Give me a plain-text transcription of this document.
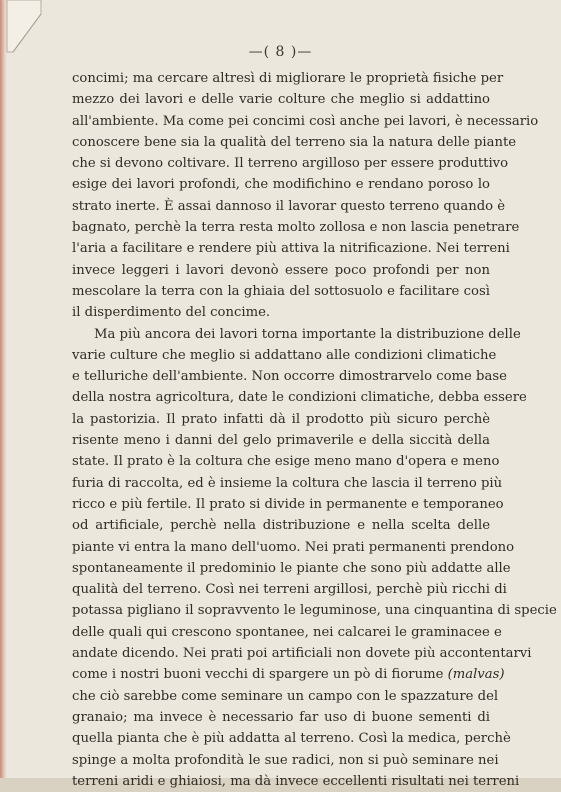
—( 8 )—

concimi; ma cercare altresì di migliorare le proprietà fisiche per
mezzo dei lavori e delle varie colture che meglio si addattino
all'ambiente. Ma come pei concimi così anche pei lavori, è necessario
conoscere bene sia la qualità del terreno sia la natura delle piante
che si devono coltivare. Il terreno argilloso per essere produttivo
esige dei lavori profondi, che modifichino e rendano poroso lo
strato inerte. È assai dannoso il lavorar questo terreno quando è
bagnato, perchè la terra resta molto zollosa e non lascia penetrare
l'aria a facilitare e rendere più attiva la nitrificazione. Nei terreni
invece leggeri i lavori devonò essere poco profondi per non
mescolare la terra con la ghiaia del sottosuolo e facilitare così
il disperdimento del concime.

Ma più ancora dei lavori torna importante la distribuzione delle
varie culture che meglio si addattano alle condizioni climatiche
e telluriche dell'ambiente. Non occorre dimostrarvelo come base
della nostra agricoltura, date le condizioni climatiche, debba essere
la pastorizia. Il prato infatti dà il prodotto più sicuro perchè
risente meno i danni del gelo primaverile e della siccità della
state. Il prato è la coltura che esige meno mano d'opera e meno
furia di raccolta, ed è insieme la coltura che lascia il terreno più
ricco e più fertile. Il prato si divide in permanente e temporaneo
od artificiale, perchè nella distribuzione e nella scelta delle
piante vi entra la mano dell'uomo. Nei prati permanenti prendono
spontaneamente il predominio le piante che sono più addatte alle
qualità del terreno. Così nei terreni argillosi, perchè più ricchi di
potassa pigliano il sopravvento le leguminose, una cinquantina di specie
delle quali qui crescono spontanee, nei calcarei le graminacee e
andate dicendo. Nei prati poi artificiali non dovete più accontentarvi
come i nostri buoni vecchi di spargere un pò di fiorume (malvas)
che ciò sarebbe come seminare un campo con le spazzature del
granaio; ma invece è necessario far uso di buone sementi di
quella pianta che è più addatta al terreno. Così la medica, perchè
spinge a molta profondità le sue radici, non si può seminare nei
terreni aridi e ghiaiosi, ma dà invece eccellenti risultati nei terreni
